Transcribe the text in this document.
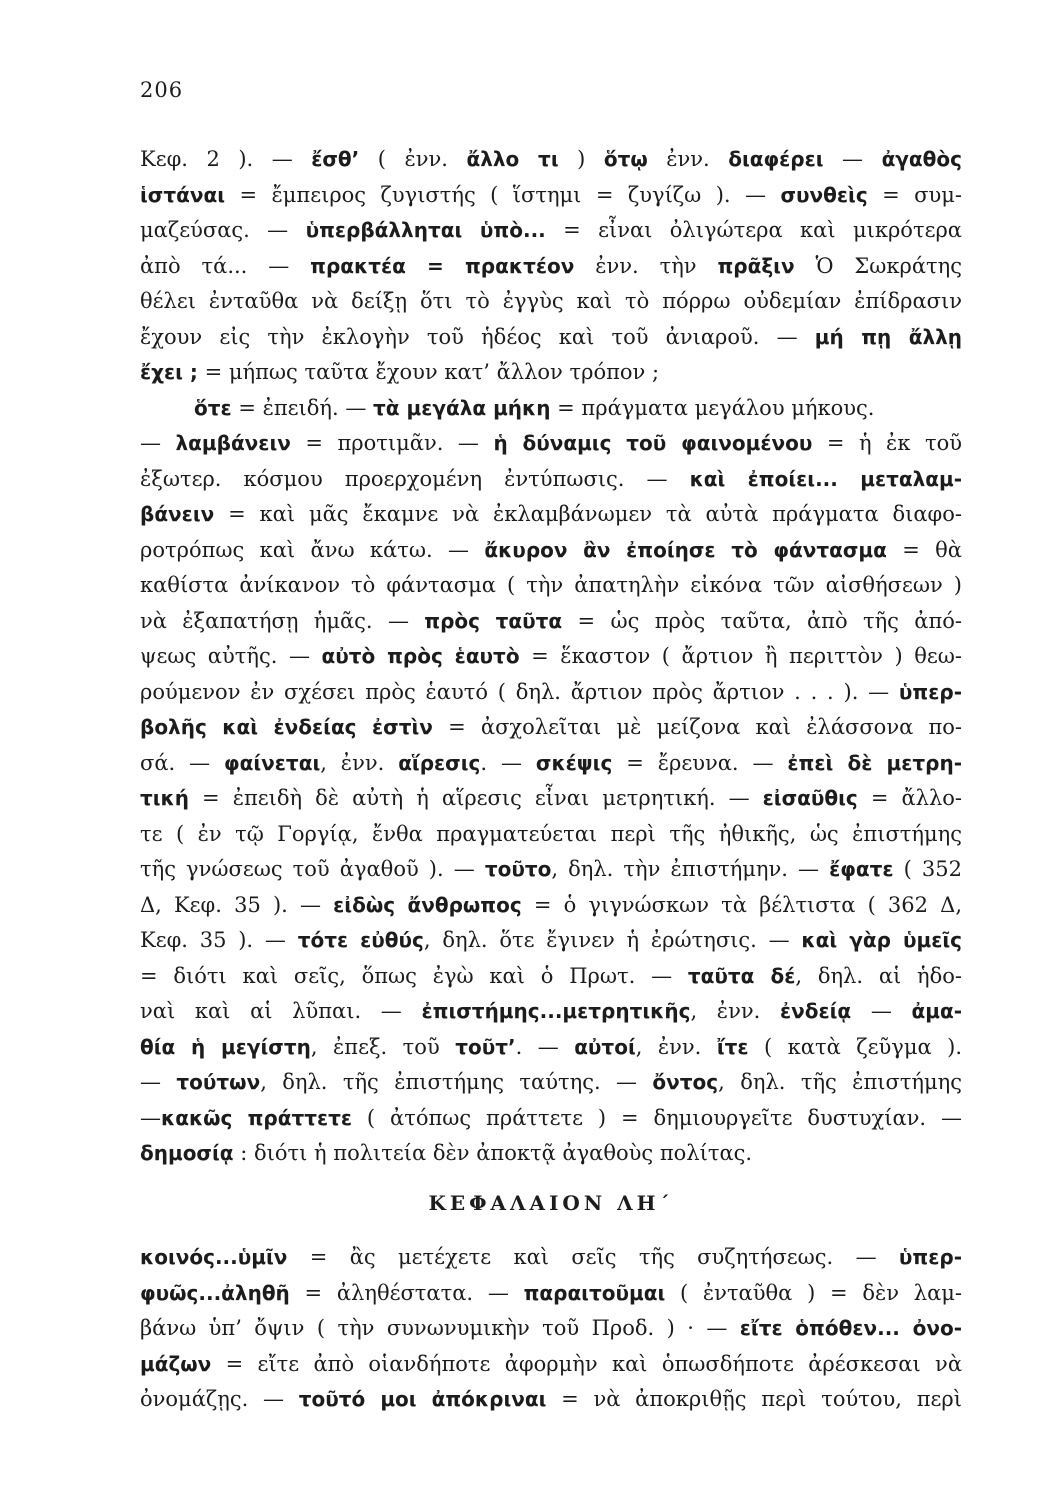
206
Κεφ. 2 ). — ἔσθ’ ( ἐνν. ἄλλο τι ) ὅτῳ ἐνν. διαφέρει — ἀγαθὸς
ἱστάναι = ἔμπειρος ζυγιστής ( ἵστημι = ζυγίζω ). — συνθεὶς = συμ-
μαζεύσας. — ὑπερβάλληται ὑπὸ... = εἶναι ὀλιγώτερα καὶ μικρότερα
ἀπὸ τά... — πρακτέα = πρακτέον ἐνν. τὴν πρᾶξιν Ὁ Σωκράτης
θέλει ἐνταῦθα νὰ δείξῃ ὅτι τὸ ἐγγὺς καὶ τὸ πόρρω οὐδεμίαν ἐπίδρασιν
ἔχουν εἰς τὴν ἐκλογὴν τοῦ ἡδέος καὶ τοῦ ἀνιαροῦ. — μή πῃ ἄλλῃ
ἔχει ; = μήπως ταῦτα ἔχουν κατ’ ἄλλον τρόπον ;
ὅτε = ἐπειδή. — τὰ μεγάλα μήκη = πράγματα μεγάλου μήκους.
— λαμβάνειν = προτιμᾶν. — ἡ δύναμις τοῦ φαινομένου = ἡ ἐκ τοῦ
ἐξωτερ. κόσμου προερχομένη ἐντύπωσις. — καὶ ἐποίει... μεταλαμ-
βάνειν = καὶ μᾶς ἔκαμνε νὰ ἐκλαμβάνωμεν τὰ αὐτὰ πράγματα διαφο-
ροτρόπως καὶ ἄνω κάτω. — ἄκυρον ἂν ἐποίησε τὸ φάντασμα = θὰ
καθίστα ἀνίκανον τὸ φάντασμα ( τὴν ἀπατηλὴν εἰκόνα τῶν αἰσθήσεων )
νὰ ἐξαπατήσῃ ἡμᾶς. — πρὸς ταῦτα = ὡς πρὸς ταῦτα, ἀπὸ τῆς ἀπό-
ψεως αὐτῆς. — αὐτὸ πρὸς ἑαυτὸ = ἕκαστον ( ἄρτιον ἢ περιττὸν ) θεω-
ρούμενον ἐν σχέσει πρὸς ἑαυτό ( δηλ. ἄρτιον πρὸς ἄρτιον . . . ). — ὑπερ-
βολῆς καὶ ἐνδείας ἐστὶν = ἀσχολεῖται μὲ μείζονα καὶ ἐλάσσονα πο-
σά. — φαίνεται, ἐνν. αἵρεσις. — σκέψις = ἔρευνα. — ἐπεὶ δὲ μετρη-
τική = ἐπειδὴ δὲ αὐτὴ ἡ αἵρεσις εἶναι μετρητική. — εἰσαῦθις = ἄλλο-
τε ( ἐν τῷ Γοργίᾳ, ἔνθα πραγματεύεται περὶ τῆς ἠθικῆς, ὡς ἐπιστήμης
τῆς γνώσεως τοῦ ἀγαθοῦ ). — τοῦτο, δηλ. τὴν ἐπιστήμην. — ἔφατε ( 352
Δ, Κεφ. 35 ). — εἰδὼς ἄνθρωπος = ὁ γιγνώσκων τὰ βέλτιστα ( 362 Δ,
Κεφ. 35 ). — τότε εὐθύς, δηλ. ὅτε ἔγινεν ἡ ἐρώτησις. — καὶ γὰρ ὑμεῖς
= διότι καὶ σεῖς, ὅπως ἐγὼ καὶ ὁ Πρωτ. — ταῦτα δέ, δηλ. αἱ ἡδο-
ναὶ καὶ αἱ λῦπαι. — ἐπιστήμης...μετρητικῆς, ἐνν. ἐνδείᾳ — ἀμα-
θία ἡ μεγίστη, ἐπεξ. τοῦ τοῦτ’. — αὐτοί, ἐνν. ἴτε ( κατὰ ζεῦγμα ).
— τούτων, δηλ. τῆς ἐπιστήμης ταύτης. — ὄντος, δηλ. τῆς ἐπιστήμης
—κακῶς πράττετε ( ἀτόπως πράττετε ) = δημιουργεῖτε δυστυχίαν. —
δημοσίᾳ : διότι ἡ πολιτεία δὲν ἀποκτᾷ ἀγαθοὺς πολίτας.
ΚΕΦΑΛΑΙΟΝ ΛΗ΄
κοινός...ὑμῖν = ἂς μετέχετε καὶ σεῖς τῆς συζητήσεως. — ὑπερ-
φυῶς...ἀληθῆ = ἀληθέστατα. — παραιτοῦμαι ( ἐνταῦθα ) = δὲν λαμ-
βάνω ὑπ’ ὄψιν ( τὴν συνωνυμικὴν τοῦ Προδ. ) · — εἴτε ὁπόθεν... ὀνο-
μάζων = εἴτε ἀπὸ οἱανδήποτε ἀφορμὴν καὶ ὁπωσδήποτε ἀρέσκεσαι νὰ
ὀνομάζῃς. — τοῦτό μοι ἀπόκριναι = νὰ ἀποκριθῇς περὶ τούτου, περὶ
